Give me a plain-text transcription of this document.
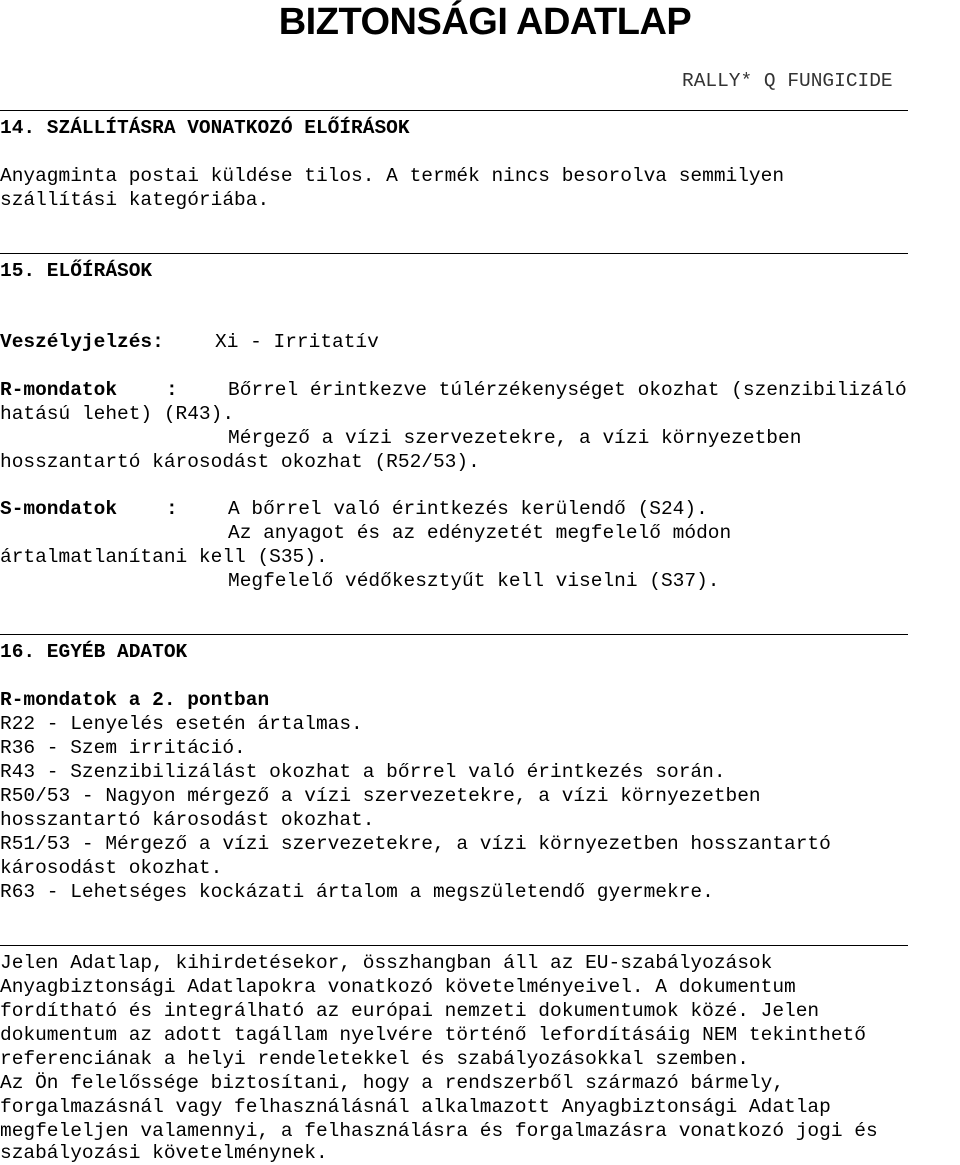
BIZTONSÁGI ADATLAP
RALLY* Q FUNGICIDE
14. SZÁLLÍTÁSRA VONATKOZÓ ELŐÍRÁSOK
Anyagminta postai küldése tilos. A termék nincs besorolva semmilyen
szállítási kategóriába.
15. ELŐÍRÁSOK
Veszélyjelzés:	Xi - Irritatív
R-mondatok	:	Bőrrel érintkezve túlérzékenységet okozhat (szenzibilizáló
hatású lehet) (R43).
Mérgező a vízi szervezetekre, a vízi környezetben
hosszantartó károsodást okozhat (R52/53).
S-mondatok	:	A bőrrel való érintkezés kerülendő (S24).
Az anyagot és az edényzetét megfelelő módon
ártalmatlanítani kell (S35).
Megfelelő védőkesztyűt kell viselni (S37).
16. EGYÉB ADATOK
R-mondatok a 2. pontban
R22 - Lenyelés esetén ártalmas.
R36 - Szem irritáció.
R43 - Szenzibilizálást okozhat a bőrrel való érintkezés során.
R50/53 - Nagyon mérgező a vízi szervezetekre, a vízi környezetben
hosszantartó károsodást okozhat.
R51/53 - Mérgező a vízi szervezetekre, a vízi környezetben hosszantartó
károsodást okozhat.
R63 - Lehetséges kockázati ártalom a megszületendő gyermekre.
Jelen Adatlap, kihirdetésekor, összhangban áll az EU-szabályozások
Anyagbiztonsági Adatlapokra vonatkozó követelményeivel. A dokumentum
fordítható és integrálható az európai nemzeti dokumentumok közé. Jelen
dokumentum az adott tagállam nyelvére történő lefordításáig NEM tekinthető
referenciának a helyi rendeletekkel és szabályozásokkal szemben.
Az Ön felelőssége biztosítani, hogy a rendszerből származó bármely,
forgalmazásnál vagy felhasználásnál alkalmazott Anyagbiztonsági Adatlap
megfeleljen valamennyi, a felhasználásra és forgalmazásra vonatkozó jogi és
szabályozási követelménynek.
